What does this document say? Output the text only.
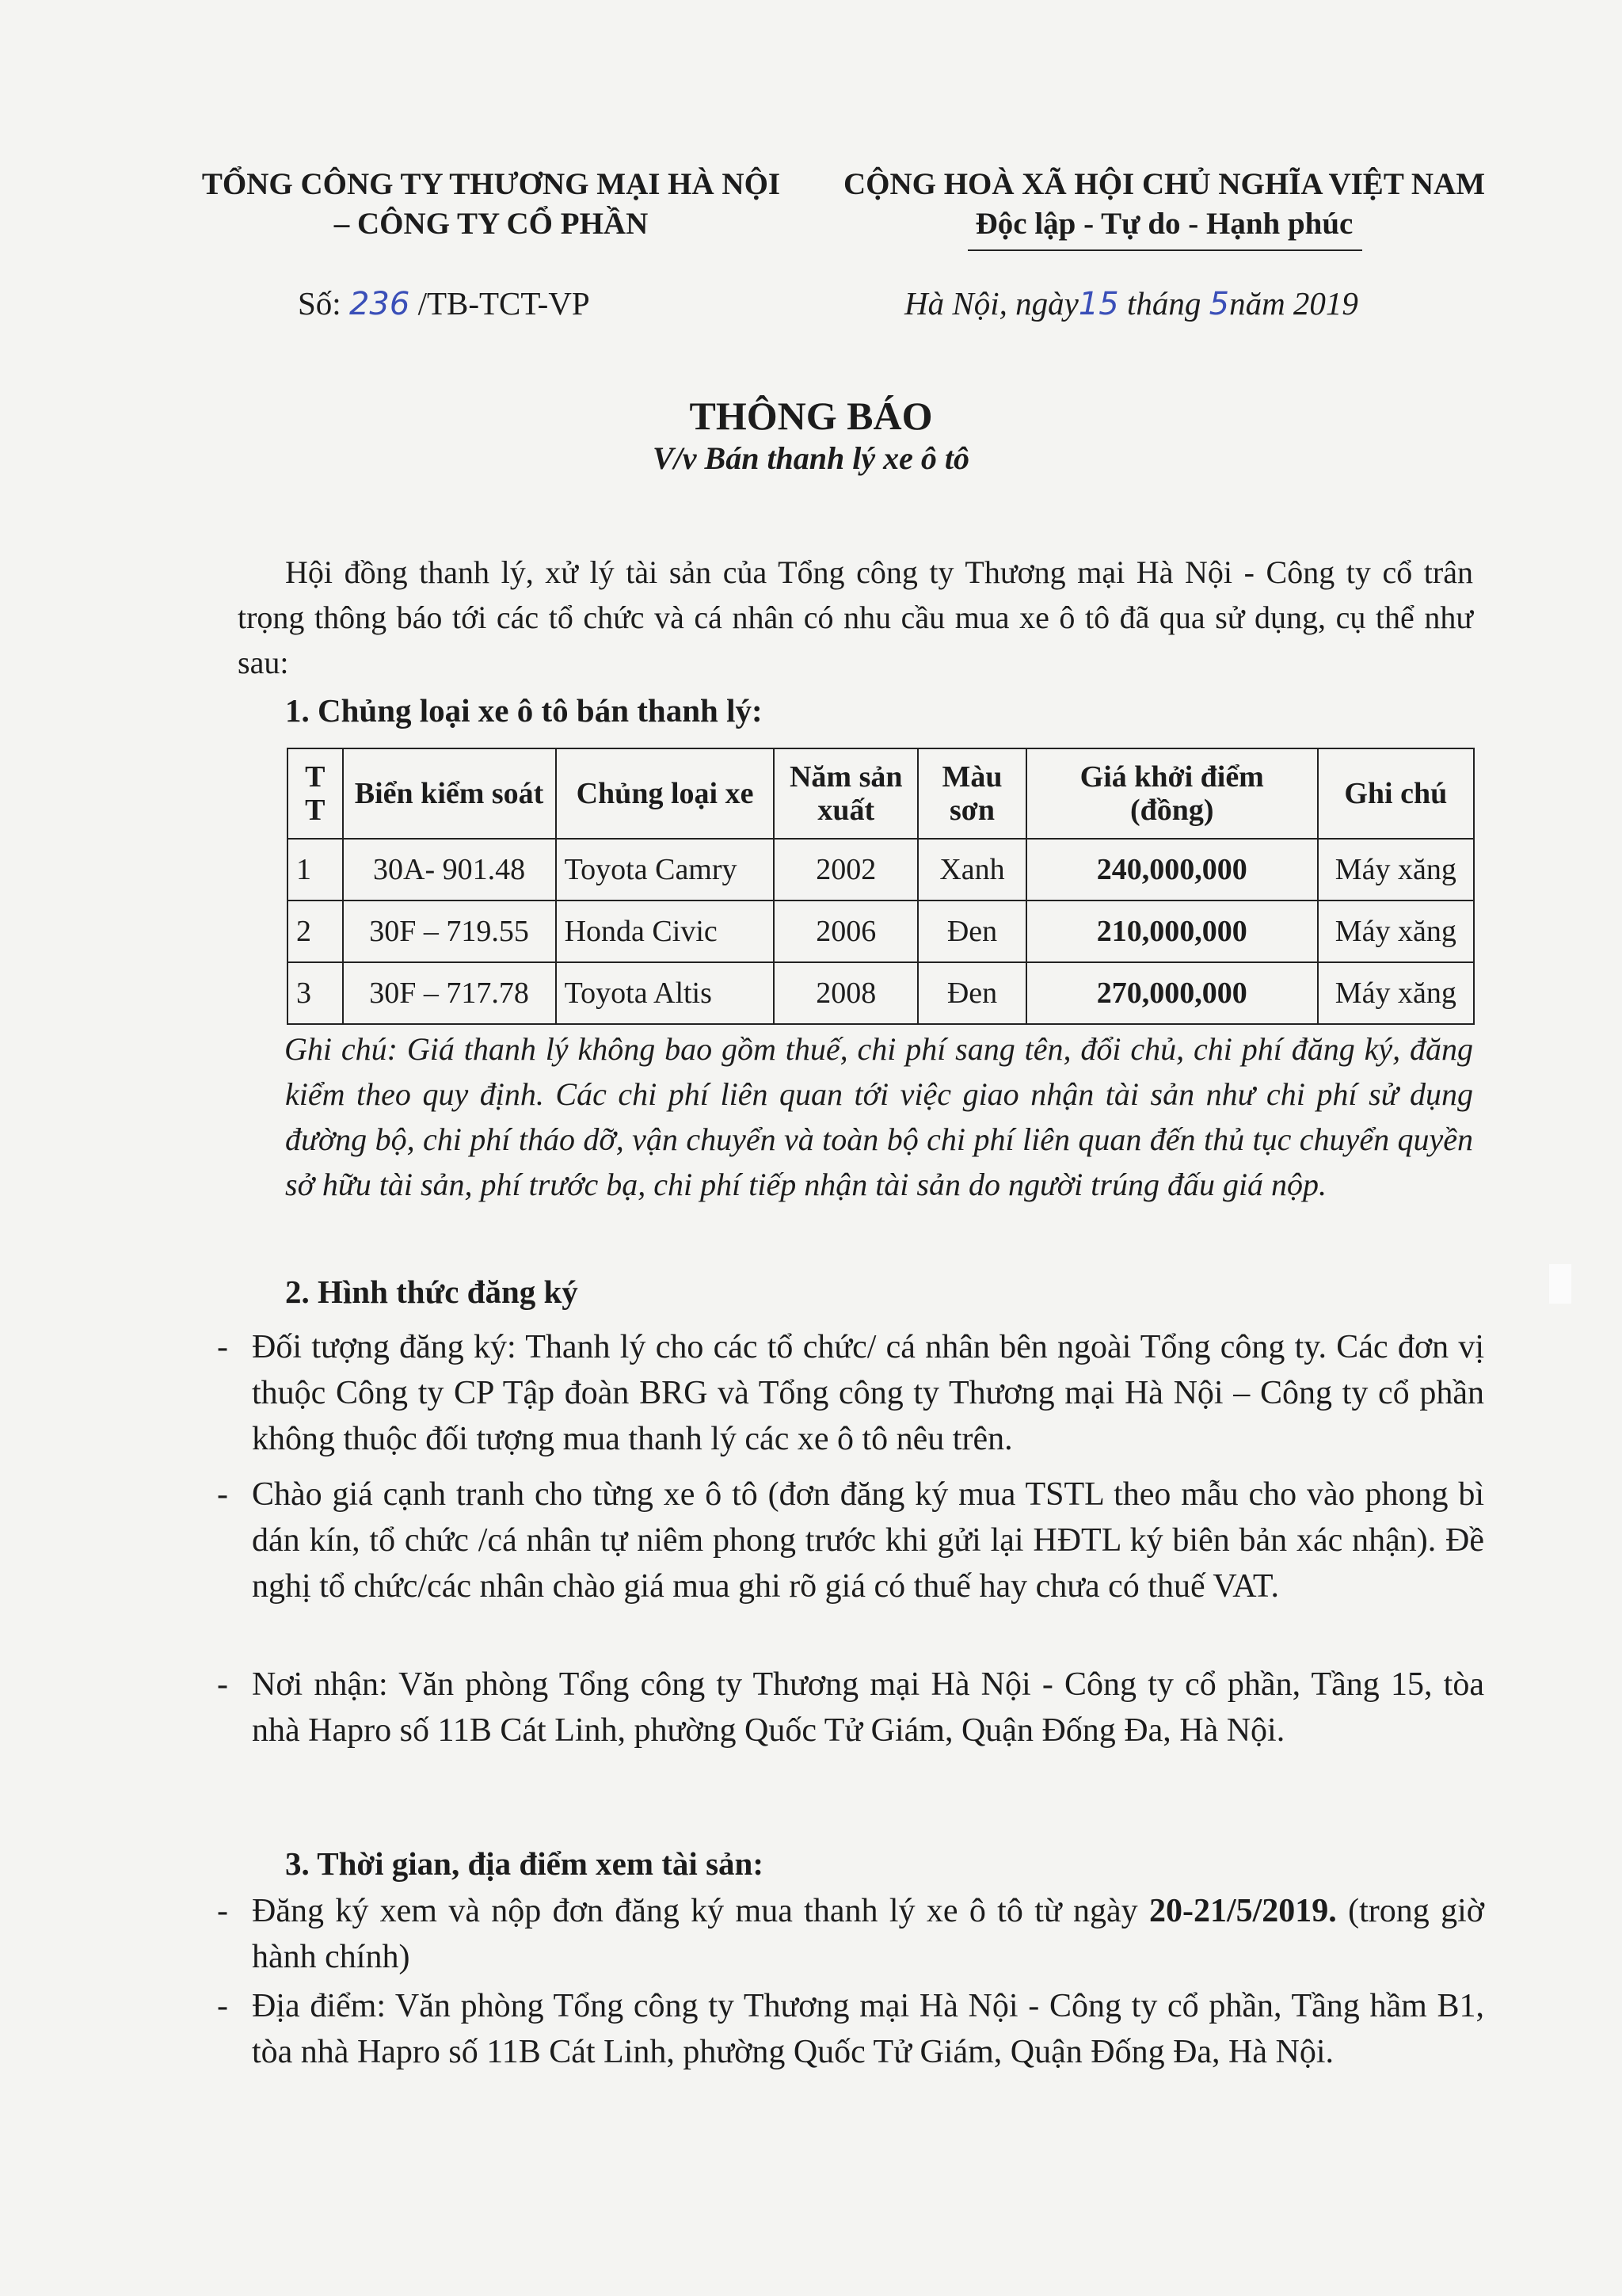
TỔNG CÔNG TY THƯƠNG MẠI HÀ NỘI
– CÔNG TY CỔ PHẦN
CỘNG HOÀ XÃ HỘI CHỦ NGHĨA VIỆT NAM
Độc lập - Tự do - Hạnh phúc
Số: 236 /TB-TCT-VP	Hà Nội, ngày15 tháng 5năm 2019
THÔNG BÁO
V/v Bán thanh lý xe ô tô
Hội đồng thanh lý, xử lý tài sản của Tổng công ty Thương mại Hà Nội - Công ty cổ trân trọng thông báo tới các tổ chức và cá nhân có nhu cầu mua xe ô tô đã qua sử dụng, cụ thể như sau:
1. Chủng loại xe ô tô bán thanh lý:
T T	Biển kiểm soát	Chủng loại xe	Năm sản xuất	Màu sơn	Giá khởi điểm (đồng)	Ghi chú
1	30A- 901.48	Toyota Camry	2002	Xanh	240,000,000	Máy xăng
2	30F – 719.55	Honda Civic	2006	Đen	210,000,000	Máy xăng
3	30F – 717.78	Toyota Altis	2008	Đen	270,000,000	Máy xăng
Ghi chú: Giá thanh lý không bao gồm thuế, chi phí sang tên, đổi chủ, chi phí đăng ký, đăng kiểm theo quy định. Các chi phí liên quan tới việc giao nhận tài sản như chi phí sử dụng đường bộ, chi phí tháo dỡ, vận chuyển và toàn bộ chi phí liên quan đến thủ tục chuyển quyền sở hữu tài sản, phí trước bạ, chi phí tiếp nhận tài sản do người trúng đấu giá nộp.
2. Hình thức đăng ký
- Đối tượng đăng ký: Thanh lý cho các tổ chức/ cá nhân bên ngoài Tổng công ty. Các đơn vị thuộc Công ty CP Tập đoàn BRG và Tổng công ty Thương mại Hà Nội – Công ty cổ phần không thuộc đối tượng mua thanh lý các xe ô tô nêu trên.
- Chào giá cạnh tranh cho từng xe ô tô (đơn đăng ký mua TSTL theo mẫu cho vào phong bì dán kín, tổ chức /cá nhân tự niêm phong trước khi gửi lại HĐTL ký biên bản xác nhận). Đề nghị tổ chức/các nhân chào giá mua ghi rõ giá có thuế hay chưa có thuế VAT.
- Nơi nhận: Văn phòng Tổng công ty Thương mại Hà Nội - Công ty cổ phần, Tầng 15, tòa nhà Hapro số 11B Cát Linh, phường Quốc Tử Giám, Quận Đống Đa, Hà Nội.
3. Thời gian, địa điểm xem tài sản:
- Đăng ký xem và nộp đơn đăng ký mua thanh lý xe ô tô từ ngày 20-21/5/2019. (trong giờ hành chính)
- Địa điểm: Văn phòng Tổng công ty Thương mại Hà Nội - Công ty cổ phần, Tầng hầm B1, tòa nhà Hapro số 11B Cát Linh, phường Quốc Tử Giám, Quận Đống Đa, Hà Nội.
